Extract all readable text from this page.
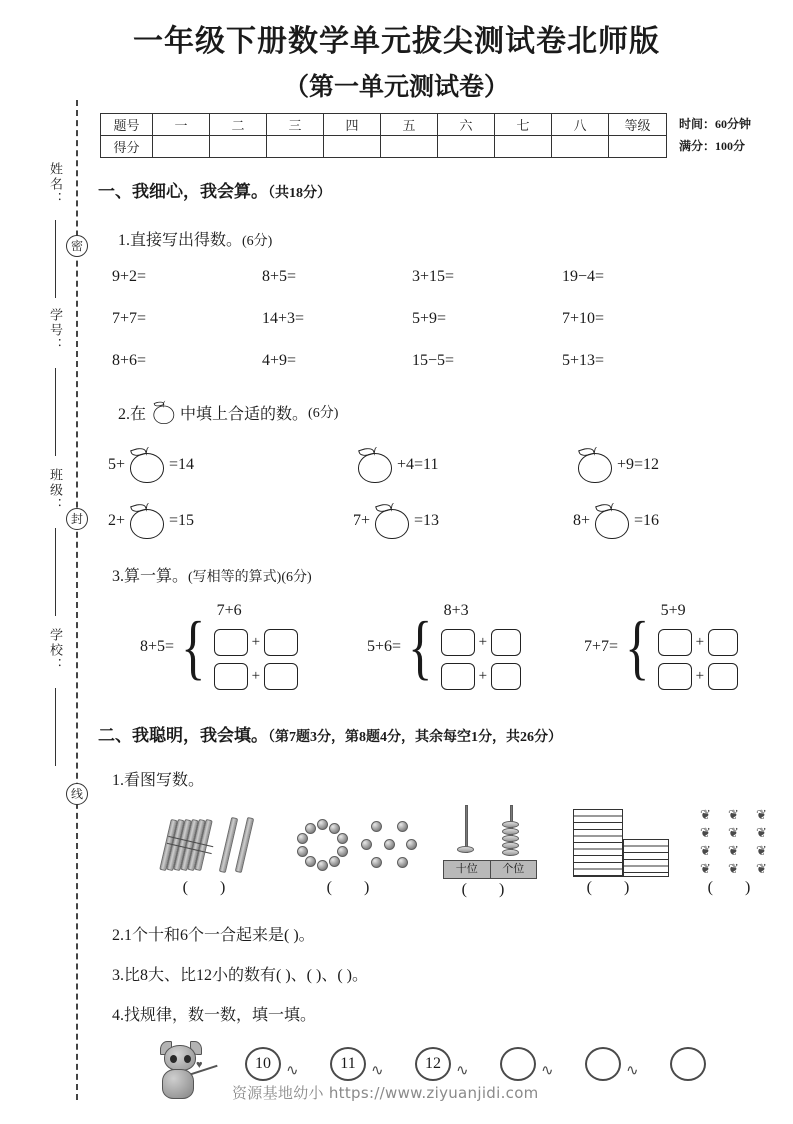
一年级下册数学单元拔尖测试卷北师版
（第一单元测试卷）
姓名：
学号：
班级：
学校：
密
封
线
题号	一	二	三	四	五	六	七	八	等级
得分									
时间：60分钟
满分：100分
一、我细心，我会算。（共18分）
1.直接写出得数。(6分)
9+2=	8+5=	3+15=	19−4=
7+7=	14+3=	5+9=	7+10=
8+6=	4+9=	15−5=	5+13=
2.在 中填上合适的数。 (6分)
5+	=14	+4=11	+9=12
2+	=15	7+	=13	8+	=16
3.算一算。(写相等的算式)(6分)
8+5= { 7+6
+
+
5+6= { 8+3
+
+
7+7= { 5+9
+
+
二、我聪明，我会填。（第7题3分，第8题4分，其余每空1分，共26分）
1.看图写数。
( )	( )
十位	个位
( )	( )
❦ ❦ ❦
❦ ❦ ❦
❦ ❦ ❦
❦ ❦ ❦
( )
2.1个十和6个一合起来是( )。
3.比8大、比12小的数有( )、( )、( )。
4.找规律，数一数，填一填。
♥	10	∿	11	∿	12	∿	∿	∿
资源基地幼小 https://www.ziyuanjidi.com
